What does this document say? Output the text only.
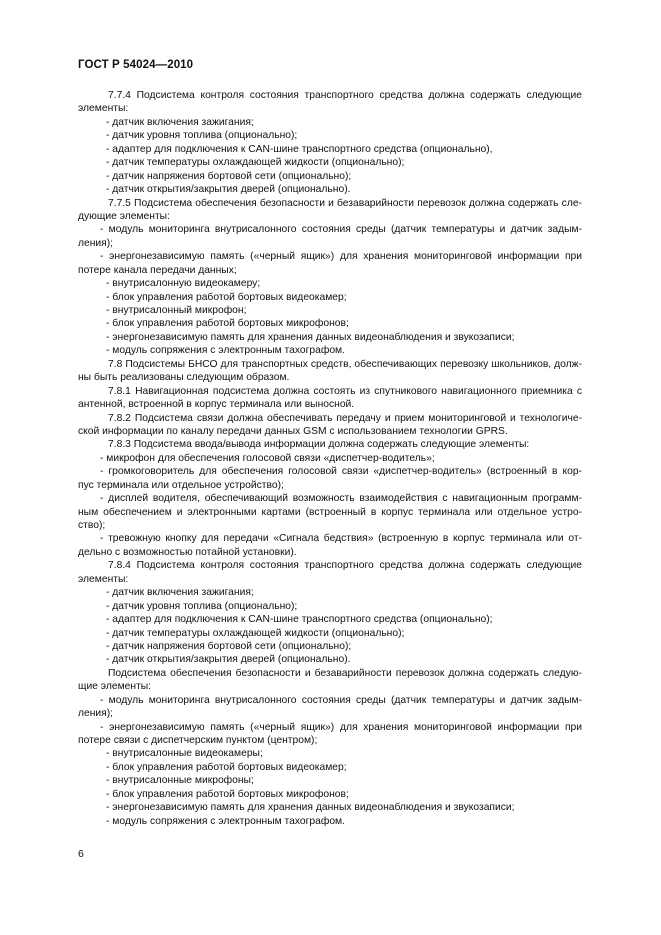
ГОСТ Р 54024—2010
7.7.4 Подсистема контроля состояния транспортного средства должна содержать следующие
элементы:
- датчик включения зажигания;
- датчик уровня топлива (опционально);
- адаптер для подключения к CAN-шине транспортного средства (опционально),
- датчик температуры охлаждающей жидкости (опционально);
- датчик напряжения бортовой сети (опционально);
- датчик открытия/закрытия дверей (опционально).
7.7.5 Подсистема обеспечения безопасности и безаварийности перевозок должна содержать сле-
дующие элементы:
- модуль мониторинга внутрисалонного состояния среды (датчик температуры и датчик задым-
ления);
- энергонезависимую память («черный ящик») для хранения мониторинговой информации при
потере канала передачи данных;
- внутрисалонную видеокамеру;
- блок управления работой бортовых видеокамер;
- внутрисалонный микрофон;
- блок управления работой бортовых микрофонов;
- энергонезависимую память для хранения данных видеонаблюдения и звукозаписи;
- модуль сопряжения с электронным тахографом.
7.8 Подсистемы БНСО для транспортных средств, обеспечивающих перевозку школьников, долж-
ны быть реализованы следующим образом.
7.8.1 Навигационная подсистема должна состоять из спутникового навигационного приемника с
антенной, встроенной в корпус терминала или выносной.
7.8.2 Подсистема связи должна обеспечивать передачу и прием мониторинговой и технологиче-
ской информации по каналу передачи данных GSM с использованием технологии GPRS.
7.8.3 Подсистема ввода/вывода информации должна содержать следующие элементы:
- микрофон для обеспечения голосовой связи «диспетчер-водитель»;
- громкоговоритель для обеспечения голосовой связи «диспетчер-водитель» (встроенный в кор-
пус терминала или отдельное устройство);
- дисплей водителя, обеспечивающий возможность взаимодействия с навигационным программ-
ным обеспечением и электронными картами (встроенный в корпус терминала или отдельное устро-
ство);
- тревожную кнопку для передачи «Сигнала бедствия» (встроенную в корпус терминала или от-
дельно с возможностью потайной установки).
7.8.4 Подсистема контроля состояния транспортного средства должна содержать следующие
элементы:
- датчик включения зажигания;
- датчик уровня топлива (опционально);
- адаптер для подключения к CAN-шине транспортного средства (опционально);
- датчик температуры охлаждающей жидкости (опционально);
- датчик напряжения бортовой сети (опционально);
- датчик открытия/закрытия дверей (опционально).
Подсистема обеспечения безопасности и безаварийности перевозок должна содержать следую-
щие элементы:
- модуль мониторинга внутрисалонного состояния среды (датчик температуры и датчик задым-
ления);
- энергонезависимую память («черный ящик») для хранения мониторинговой информации при
потере связи с диспетчерским пунктом (центром);
- внутрисалонные видеокамеры;
- блок управления работой бортовых видеокамер;
- внутрисалонные микрофоны;
- блок управления работой бортовых микрофонов;
- энергонезависимую память для хранения данных видеонаблюдения и звукозаписи;
- модуль сопряжения с электронным тахографом.
6
